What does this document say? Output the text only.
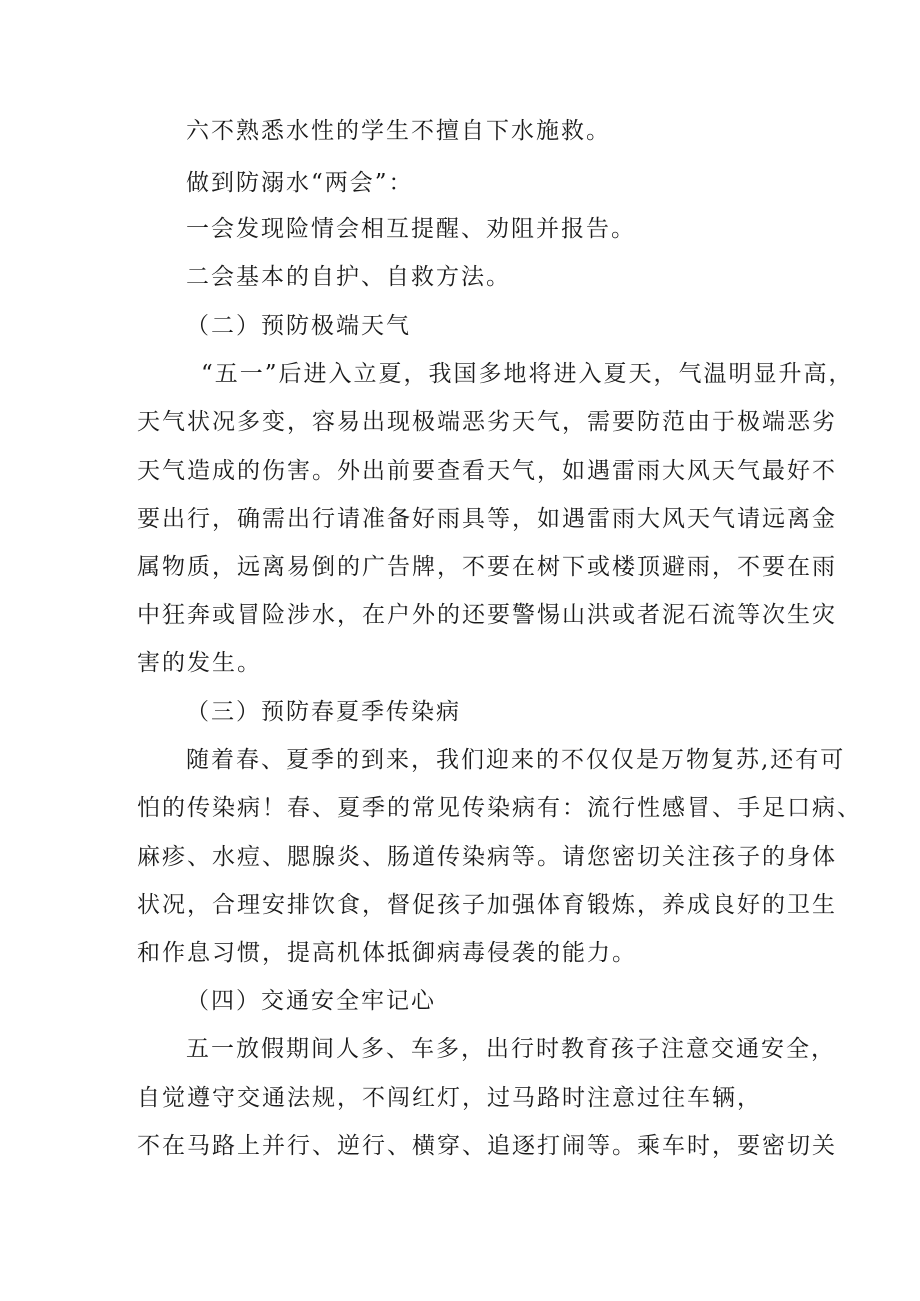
六不熟悉水性的学生不擅自下水施救。
做到防溺水“两会”：
一会发现险情会相互提醒、劝阻并报告。
二会基本的自护、自救方法。
（二）预防极端天气
“五一”后进入立夏，我国多地将进入夏天，气温明显升高，
天气状况多变，容易出现极端恶劣天气，需要防范由于极端恶劣
天气造成的伤害。外出前要查看天气，如遇雷雨大风天气最好不
要出行，确需出行请准备好雨具等，如遇雷雨大风天气请远离金
属物质，远离易倒的广告牌，不要在树下或楼顶避雨，不要在雨
中狂奔或冒险涉水，在户外的还要警惕山洪或者泥石流等次生灾
害的发生。
（三）预防春夏季传染病
随着春、夏季的到来，我们迎来的不仅仅是万物复苏,还有可
怕的传染病！春、夏季的常见传染病有：流行性感冒、手足口病、
麻疹、水痘、腮腺炎、肠道传染病等。请您密切关注孩子的身体
状况，合理安排饮食，督促孩子加强体育锻炼，养成良好的卫生
和作息习惯，提高机体抵御病毒侵袭的能力。
（四）交通安全牢记心
五一放假期间人多、车多，出行时教育孩子注意交通安全，
自觉遵守交通法规，不闯红灯，过马路时注意过往车辆，
不在马路上并行、逆行、横穿、追逐打闹等。乘车时，要密切关
